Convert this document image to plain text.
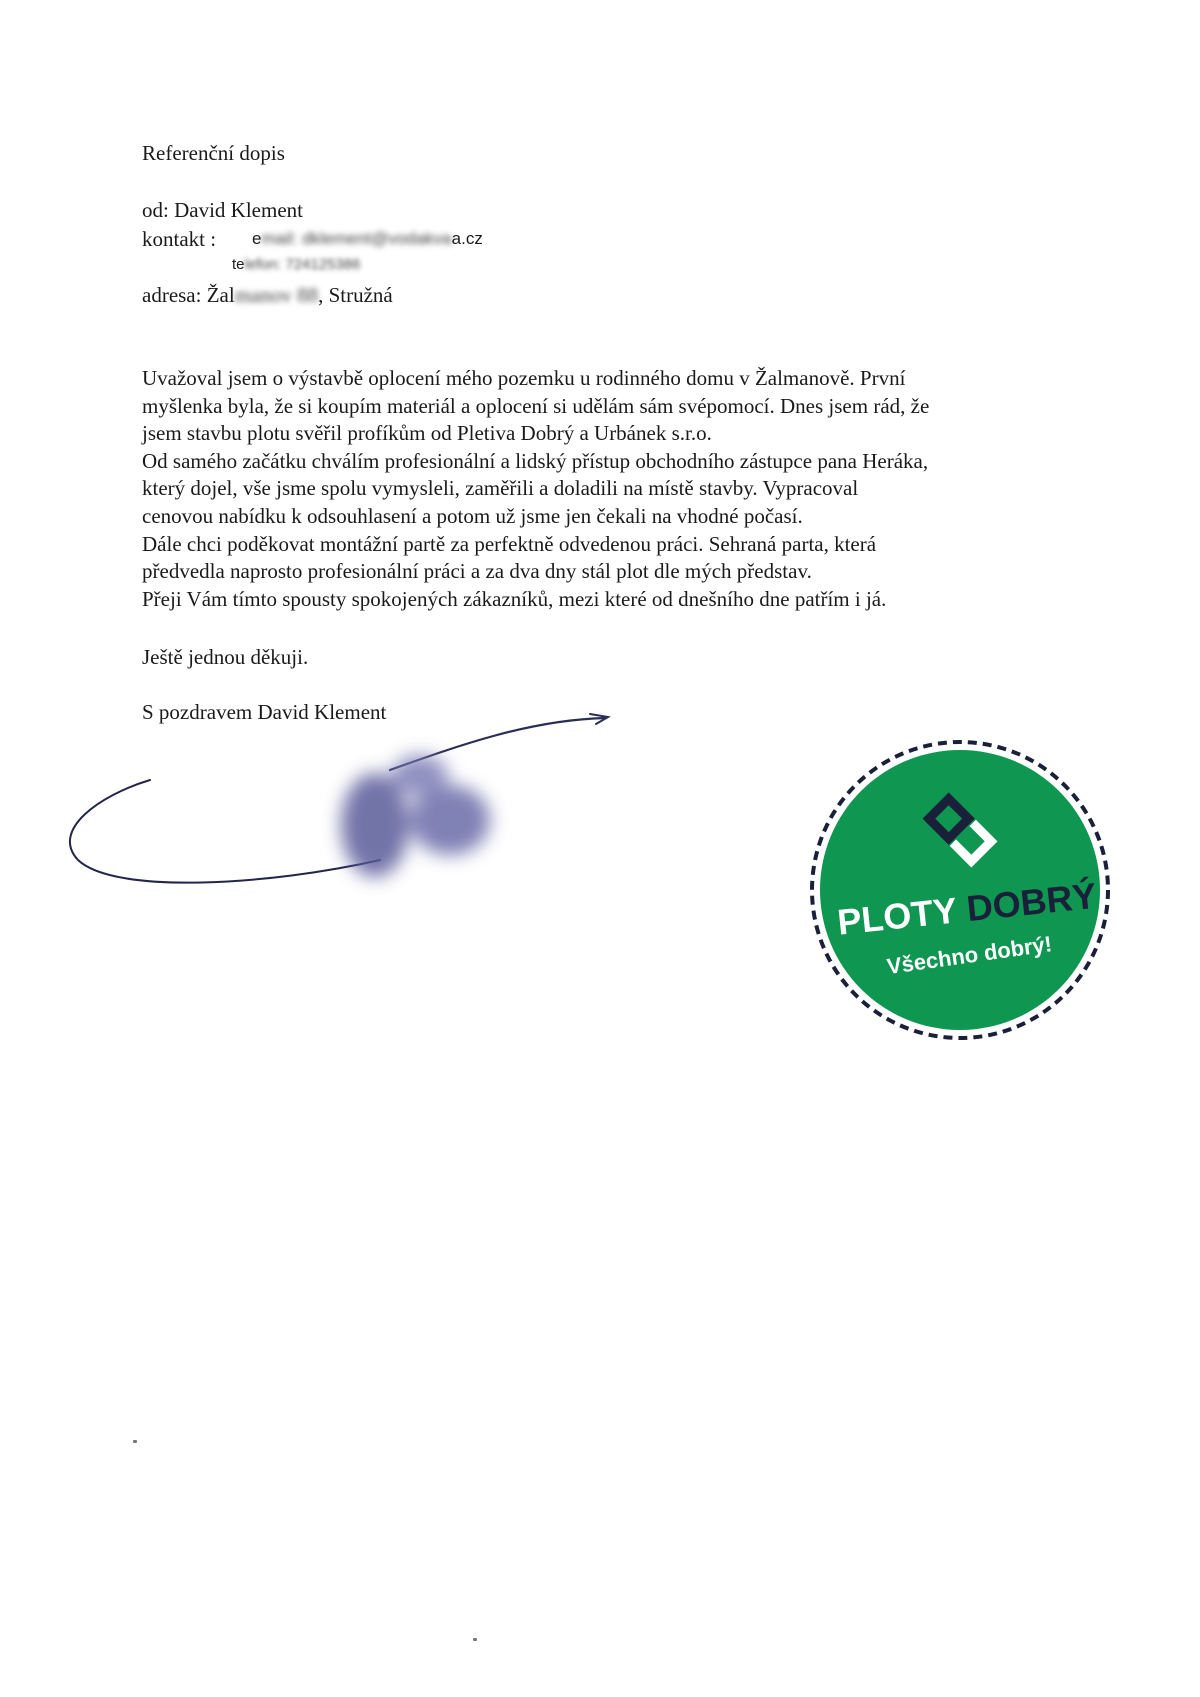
Referenční dopis
od: David Klement
kontakt : email: dklement@vodakvaa.cz
telefon: 724125386
adresa: Žalmanov 88, Stružná

Uvažoval jsem o výstavbě oplocení mého pozemku u rodinného domu v Žalmanově. První

myšlenka byla, že si koupím materiál a oplocení si udělám sám svépomocí. Dnes jsem rád, že

jsem stavbu plotu svěřil profíkům od Pletiva Dobrý a Urbánek s.r.o.

Od samého začátku chválím profesionální a lidský přístup obchodního zástupce pana Heráka,

který dojel, vše jsme spolu vymysleli, zaměřili a doladili na místě stavby. Vypracoval

cenovou nabídku k odsouhlasení a potom už jsme jen čekali na vhodné počasí.

Dále chci poděkovat montážní partě za perfektně odvedenou práci. Sehraná parta, která

předvedla naprosto profesionální práci a za dva dny stál plot dle mých představ.

Přeji Vám tímto spousty spokojených zákazníků, mezi které od dnešního dne patřím i já.

Ještě jednou děkuji.
S pozdravem David Klement
PLOTY DOBRÝ
Všechno dobrý!
